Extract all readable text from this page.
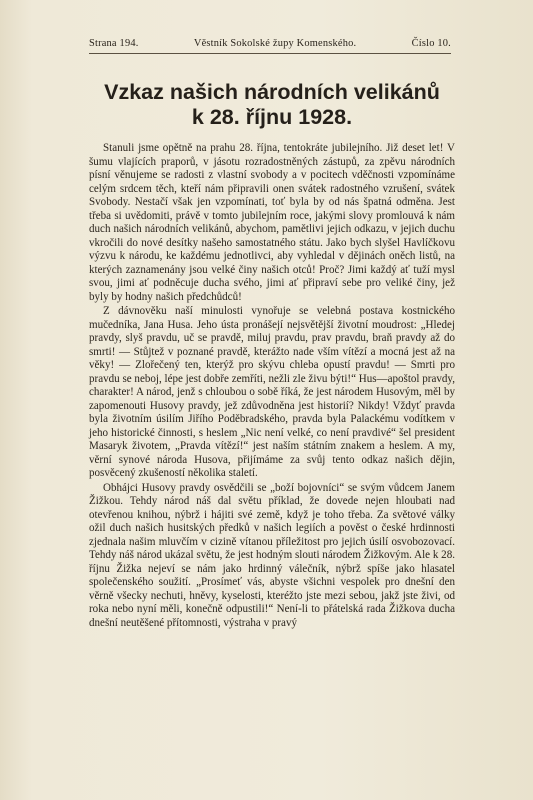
Strana 194.	Věstník Sokolské župy Komenského.	Číslo 10.
Vzkaz našich národních velikánů
k 28. říjnu 1928.

Stanuli jsme opětně na prahu 28. října, tentokráte jubilejního. Již deset let! V šumu vlajících praporů, v jásotu rozradostněných zástupů, za zpěvu národních písní věnujeme se radosti z vlastní svobody a v pocitech vděčnosti vzpomínáme celým srdcem těch, kteří nám připravili onen svátek radostného vzrušení, svátek Svobody. Nestačí však jen vzpomínati, toť byla by od nás špatná odměna. Jest třeba si uvědomiti, právě v tomto jubilejním roce, jakými slovy promlouvá k nám duch našich národních velikánů, abychom, pamětlivi jejich odkazu, v jejich duchu vkročili do nové desítky našeho samostatného státu. Jako bych slyšel Havlíčkovu výzvu k národu, ke každému jednotlivci, aby vyhledal v dějinách oněch listů, na kterých zaznamenány jsou velké činy našich otců! Proč? Jimi každý ať tuží mysl svou, jimi ať podněcuje ducha svého, jimi ať připraví sebe pro veliké činy, jež byly by hodny našich předchůdců!

Z dávnověku naší minulosti vynořuje se velebná postava kostnického mučedníka, Jana Husa. Jeho ústa pronášejí nejsvětější životní moudrost: „Hledej pravdy, slyš pravdu, uč se pravdě, miluj pravdu, prav pravdu, braň pravdy až do smrti! — Stůjtež v poznané pravdě, kterážto nade vším vítězí a mocná jest až na věky! — Zlořečený ten, kterýž pro skývu chleba opustí pravdu! — Smrti pro pravdu se neboj, lépe jest dobře zemříti, nežli zle živu býti!“ Hus—apoštol pravdy, charakter! A národ, jenž s chloubou o sobě říká, že jest národem Husovým, měl by zapomenouti Husovy pravdy, jež zdůvodněna jest historií? Nikdy! Vždyť pravda byla životním úsilím Jiřího Poděbradského, pravda byla Palackému vodítkem v jeho historické činnosti, s heslem „Nic není velké, co není pravdivé“ šel president Masaryk životem, „Pravda vítězí!“ jest naším státním znakem a heslem. A my, věrní synové národa Husova, přijímáme za svůj tento odkaz našich dějin, posvěcený zkušeností několika staletí.

Obhájci Husovy pravdy osvědčili se „boží bojovníci“ se svým vůdcem Janem Žižkou. Tehdy národ náš dal světu příklad, že dovede nejen hloubati nad otevřenou knihou, nýbrž i hájiti své země, když je toho třeba. Za světové války ožil duch našich husitských předků v našich legiích a pověst o české hrdinnosti zjednala našim mluvčím v cizině vítanou příležitost pro jejich úsilí osvobozovací. Tehdy náš národ ukázal světu, že jest hodným slouti národem Žižkovým. Ale k 28. říjnu Žižka nejeví se nám jako hrdinný válečník, nýbrž spíše jako hlasatel společenského soužití. „Prosímeť vás, abyste všichni vespolek pro dnešní den věrně všecky nechuti, hněvy, kyselosti, kteréžto jste mezi sebou, jakž jste živi, od roka nebo nyní měli, konečně odpustili!“ Není-li to přátelská rada Žižkova ducha dnešní neutěšené přítomnosti, výstraha v pravý
